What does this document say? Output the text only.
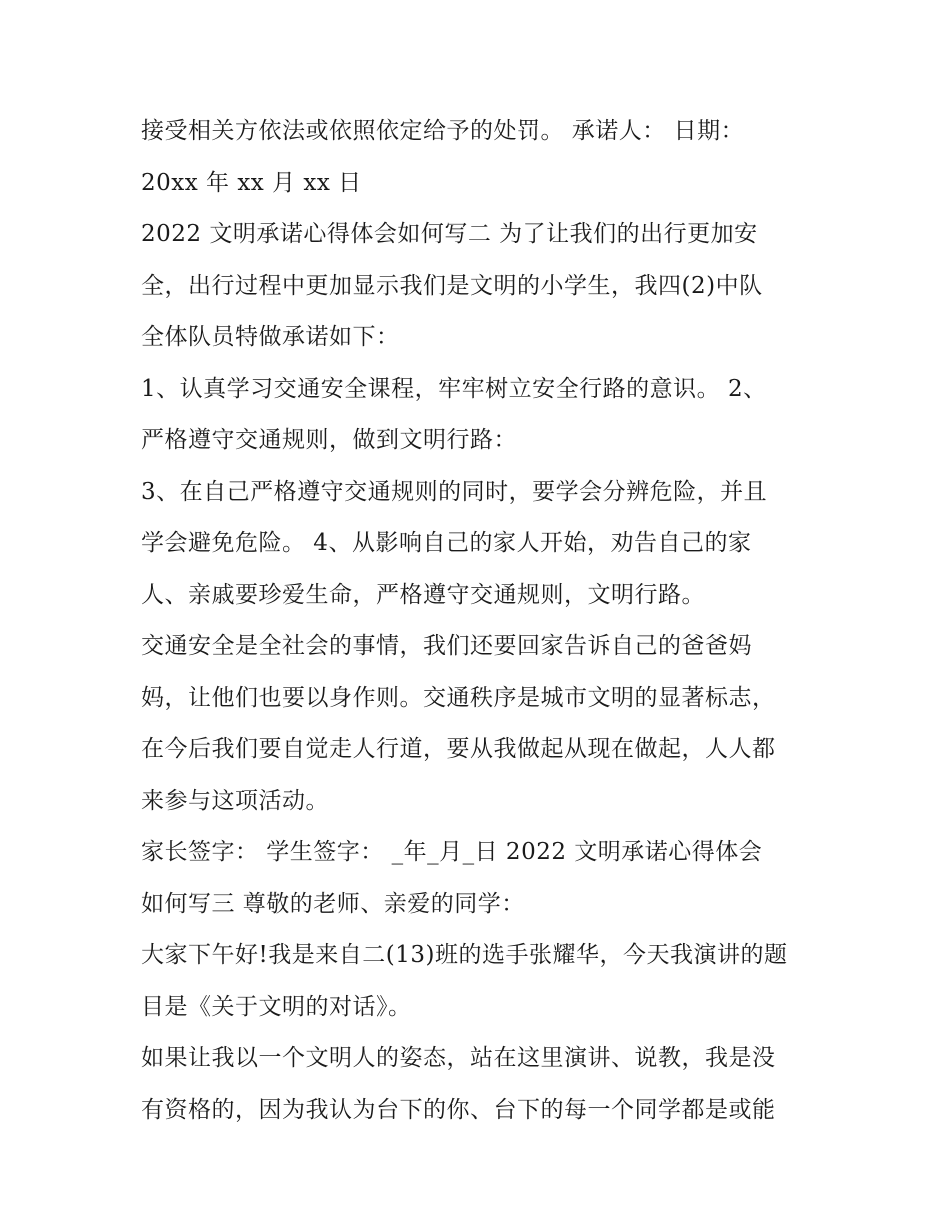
接受相关方依法或依照依定给予的处罚。 承诺人： 日期：
20xx 年 xx 月 xx 日
2022 文明承诺心得体会如何写二 为了让我们的出行更加安
全，出行过程中更加显示我们是文明的小学生，我四(2)中队
全体队员特做承诺如下：
1、认真学习交通安全课程，牢牢树立安全行路的意识。 2、
严格遵守交通规则，做到文明行路：
3、在自己严格遵守交通规则的同时，要学会分辨危险，并且
学会避免危险。 4、从影响自己的家人开始，劝告自己的家
人、亲戚要珍爱生命，严格遵守交通规则，文明行路。
交通安全是全社会的事情，我们还要回家告诉自己的爸爸妈
妈，让他们也要以身作则。交通秩序是城市文明的显著标志，
在今后我们要自觉走人行道，要从我做起从现在做起，人人都
来参与这项活动。
家长签字： 学生签字： _年_月_日 2022 文明承诺心得体会
如何写三 尊敬的老师、亲爱的同学：
大家下午好!我是来自二(13)班的选手张耀华，今天我演讲的题
目是《关于文明的对话》。
如果让我以一个文明人的姿态，站在这里演讲、说教，我是没
有资格的，因为我认为台下的你、台下的每一个同学都是或能
